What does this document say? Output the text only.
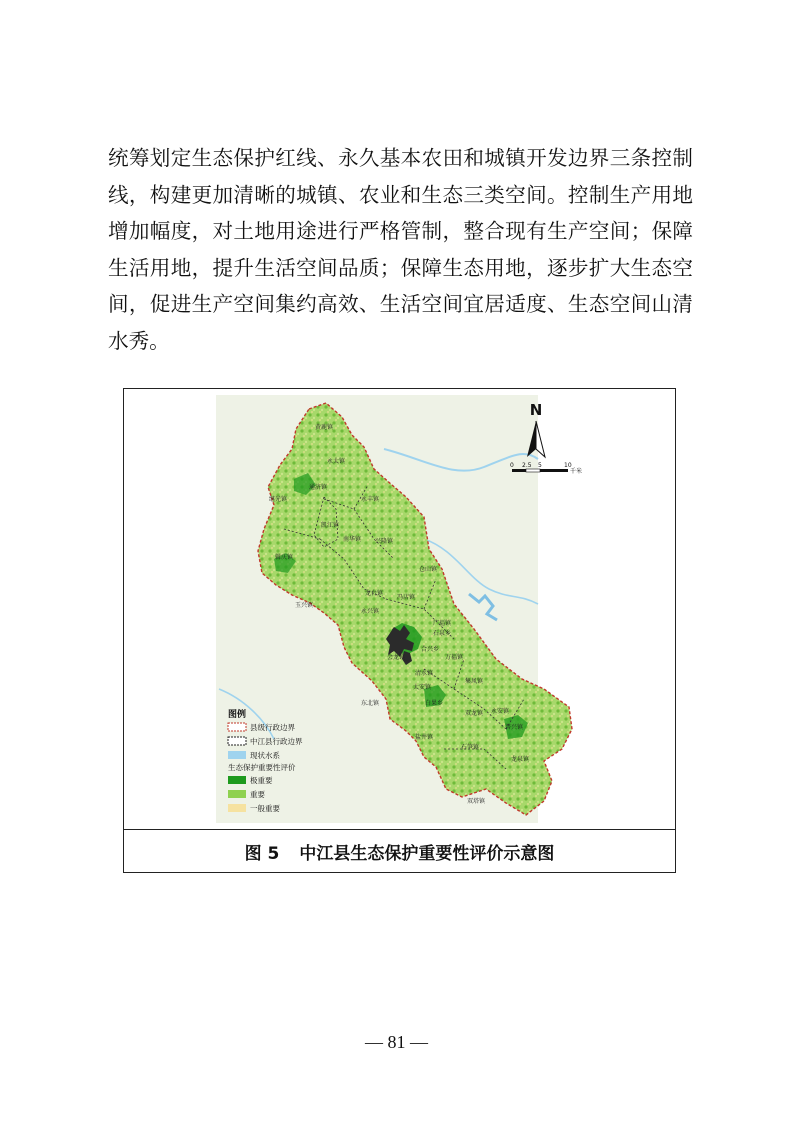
统筹划定生态保护红线、永久基本农田和城镇开发边界三条控制
线，构建更加清晰的城镇、农业和生态三类空间。控制生产用地
增加幅度，对土地用途进行严格管制，整合现有生产空间；保障
生活用地，提升生活空间品质；保障生态用地，逐步扩大生态空
间，促进生产空间集约高效、生活空间宜居适度、生态空间山清
水秀。
黄鹿镇
永太镇
通济镇
继光镇
凯江镇
永丰镇
南华镇
辑庆镇
兴隆镇
玉兴镇
龙台镇
仓山镇
冯店镇
永兴镇
广福镇
石泉乡
合兴乡
会龙镇	万福镇
清水镇
集凤镇
太安镇
白果乡
东北镇
双龙镇 永安镇
普兴镇
盐井镇
龙泉镇
石笋镇
双塔镇
N
0 2.5 5	10
千米
图例
县级行政边界
中江县行政边界
现状水系
生态保护重要性评价
极重要
重要
一般重要
图 5 中江县生态保护重要性评价示意图
— 81 —
